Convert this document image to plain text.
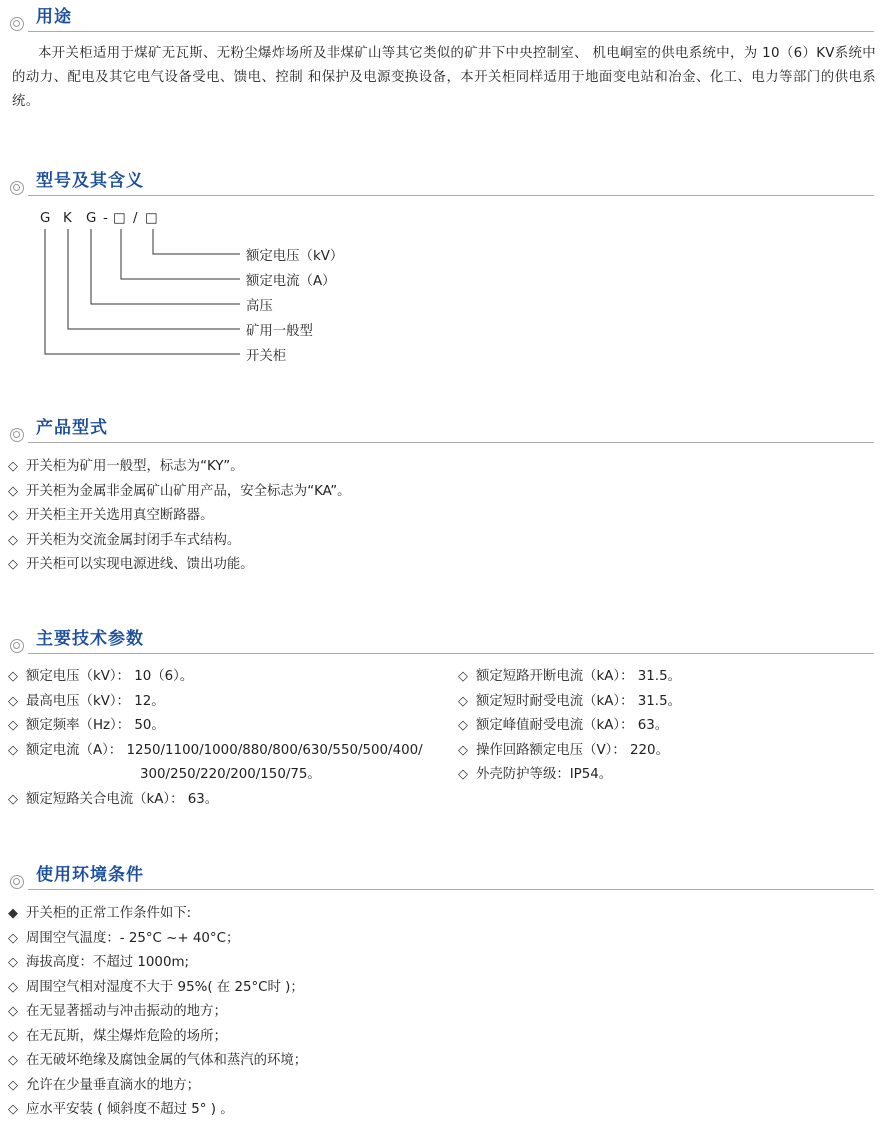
用途

本开关柜适用于煤矿无瓦斯、无粉尘爆炸场所及非煤矿山等其它类似的矿井下中央控制室、 机电峒室的供电系统中，为 10（6）KV系统中的动力、配电及其它电气设备受电、馈电、控制 和保护及电源变换设备，本开关柜同样适用于地面变电站和冶金、化工、电力等部门的供电系统。

型号及其含义
G K G - □ / □
额定电压（kV）
额定电流（A）
高压
矿用一般型
开关柜
产品型式
◇ 开关柜为矿用一般型，标志为“KY”。
◇ 开关柜为金属非金属矿山矿用产品，安全标志为“KA”。
◇ 开关柜主开关选用真空断路器。
◇ 开关柜为交流金属封闭手车式结构。
◇ 开关柜可以实现电源进线、馈出功能。
主要技术参数
◇ 额定电压（kV）： 10（6）。
◇ 最高电压（kV）： 12。
◇ 额定频率（Hz）： 50。
◇ 额定电流（A）： 1250/1100/1000/880/800/630/550/500/400/
300/250/220/200/150/75。
◇ 额定短路关合电流（kA）： 63。
◇ 额定短路开断电流（kA）： 31.5。
◇ 额定短时耐受电流（kA）： 31.5。
◇ 额定峰值耐受电流（kA）： 63。
◇ 操作回路额定电压（V）： 220。
◇ 外壳防护等级：IP54。
使用环境条件
◆ 开关柜的正常工作条件如下:
◇ 周围空气温度：- 25°C ~+ 40°C；
◇ 海拔高度：不超过 1000m;
◇ 周围空气相对湿度不大于 95%( 在 25°C时 )；
◇ 在无显著摇动与冲击振动的地方；
◇ 在无瓦斯，煤尘爆炸危险的场所；
◇ 在无破坏绝缘及腐蚀金属的气体和蒸汽的环境；
◇ 允许在少量垂直滴水的地方；
◇ 应水平安装 ( 倾斜度不超过 5° ) 。
